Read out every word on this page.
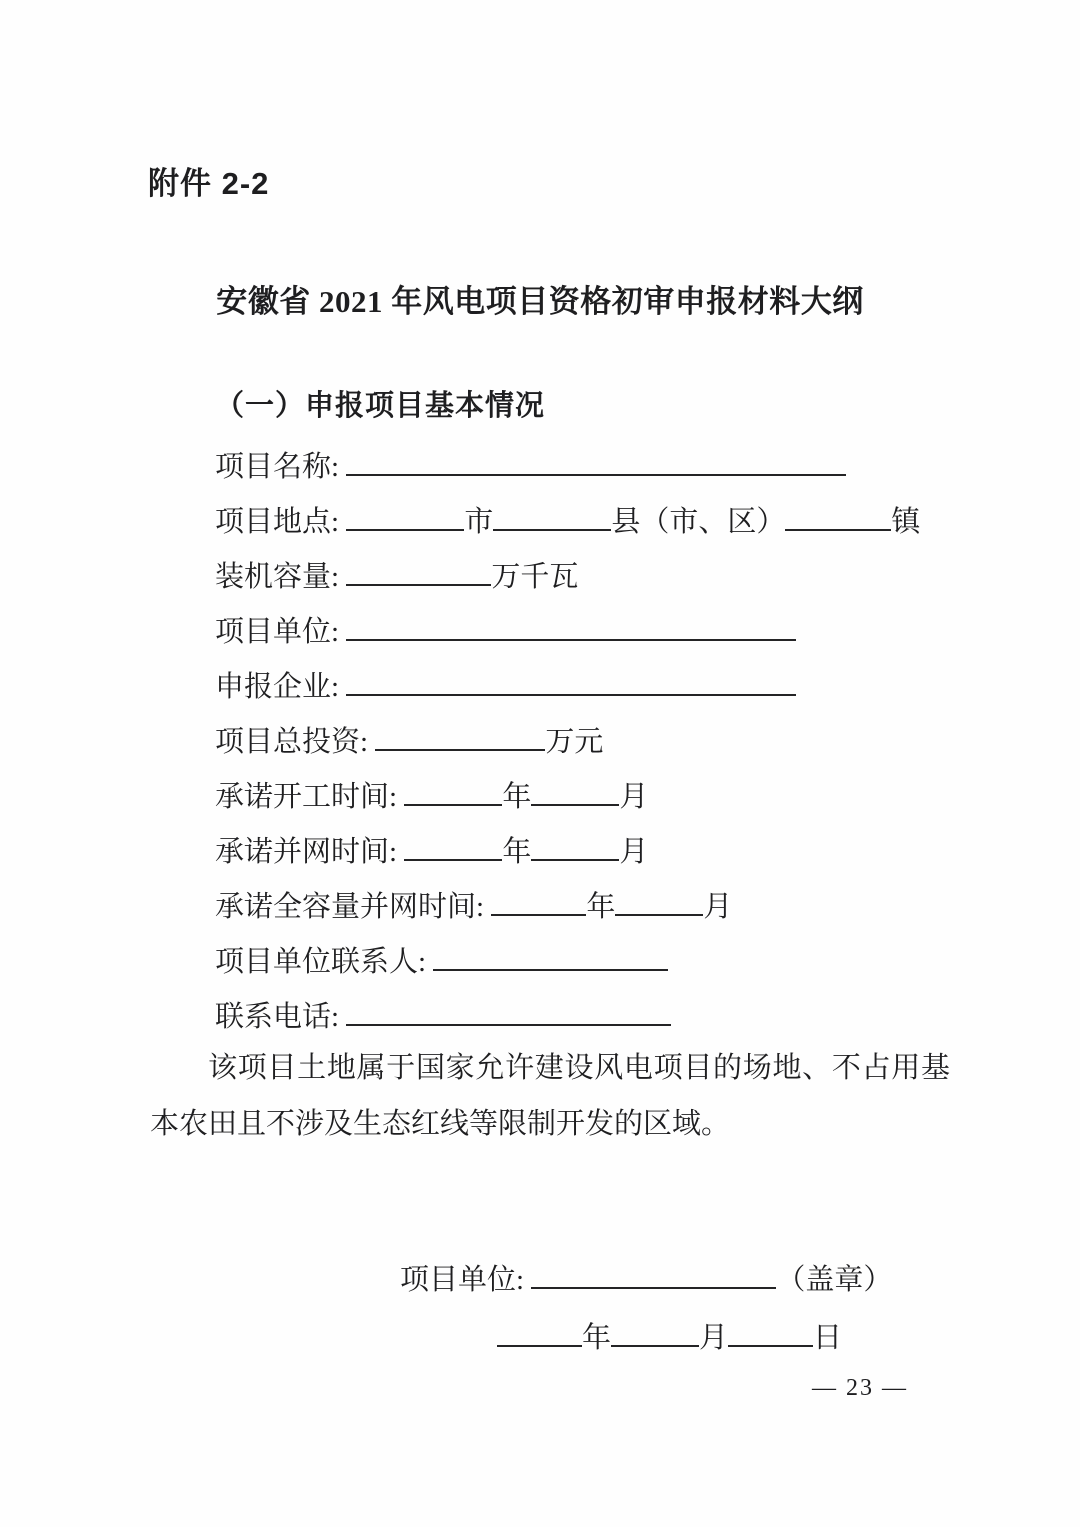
附件 2-2
安徽省 2021 年风电项目资格初审申报材料大纲
（一）申报项目基本情况
项目名称:
项目地点:	市	县（市、区）	镇
装机容量:	万千瓦
项目单位:
申报企业:
项目总投资:	万元
承诺开工时间:	年	月
承诺并网时间:	年	月
承诺全容量并网时间:	年	月
项目单位联系人:
联系电话:

该项目土地属于国家允许建设风电项目的场地、不占用基本农田且不涉及生态红线等限制开发的区域。

项目单位:	（盖章）
年	月	日
— 23 —
